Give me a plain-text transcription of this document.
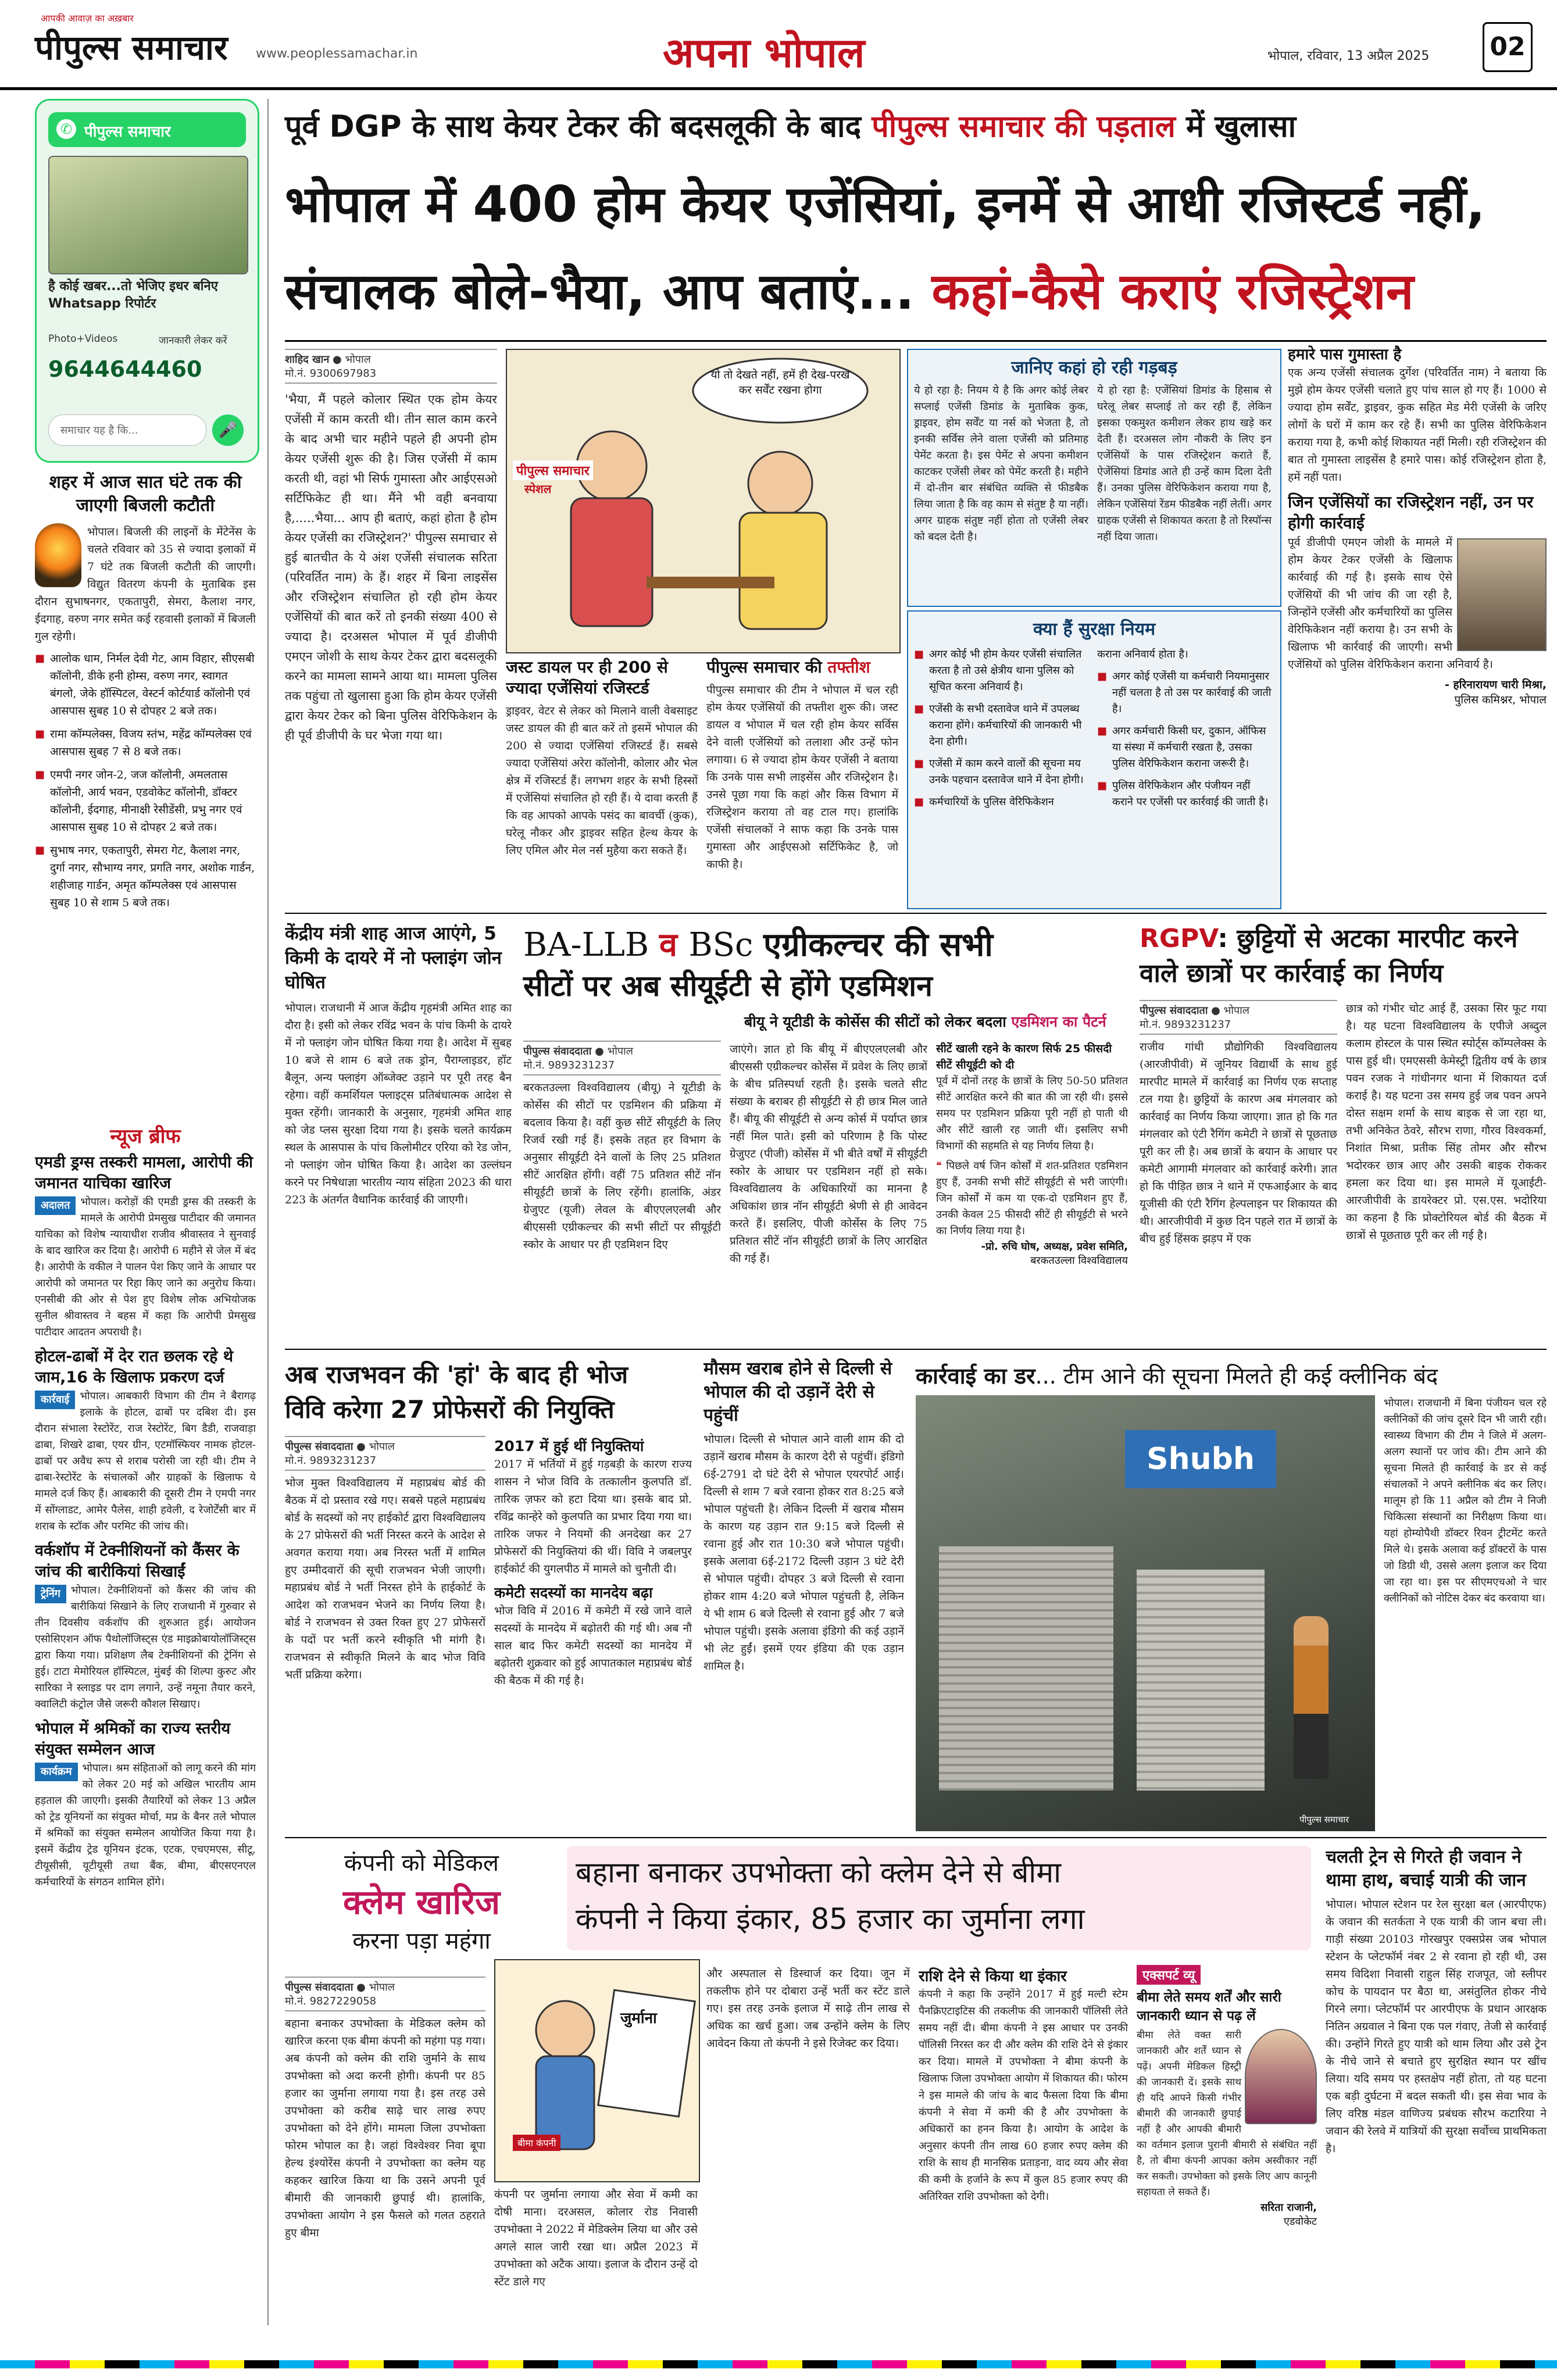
आपकी आवाज़ का अख़बार
पीपुल्स समाचार www.peoplessamachar.in	अपना भोपाल	भोपाल, रविवार, 13 अप्रैल 2025 02
✆ पीपुल्स समाचार
है कोई खबर...तो भेजिए इधर बनिए Whatsapp रिपोर्टर
Photo+Videos	जानकारी लेकर करें
9644644460
समाचार यह है कि...	🎤
पूर्व DGP के साथ केयर टेकर की बदसलूकी के बाद पीपुल्स समाचार की पड़ताल में खुलासा
भोपाल में 400 होम केयर एजेंसियां, इनमें से आधी रजिस्टर्ड नहीं,
संचालक बोले-भैया, आप बताएं... कहां-कैसे कराएं रजिस्ट्रेशन
शाहिद खान ● भोपाल
मो.नं. 9300697983
'भैया, मैं पहले कोलार स्थित एक होम केयर एजेंसी में काम करती थी। तीन साल काम करने के बाद अभी चार महीने पहले ही अपनी होम केयर एजेंसी शुरू की है। जिस एजेंसी में काम करती थी, वहां भी सिर्फ गुमास्ता और आईएसओ सर्टिफिकेट ही था। मैंने भी वही बनवाया है,.....भैया... आप ही बताएं, कहां होता है होम केयर एजेंसी का रजिस्ट्रेशन?' पीपुल्स समाचार से हुई बातचीत के ये अंश एजेंसी संचालक सरिता (परिवर्तित नाम) के हैं। शहर में बिना लाइसेंस और रजिस्ट्रेशन संचालित हो रही होम केयर एजेंसियों की बात करें तो इनकी संख्या 400 से ज्यादा है। दरअसल भोपाल में पूर्व डीजीपी एमएन जोशी के साथ केयर टेकर द्वारा बदसलूकी करने का मामला सामने आया था। मामला पुलिस तक पहुंचा तो खुलासा हुआ कि होम केयर एजेंसी द्वारा केयर टेकर को बिना पुलिस वेरिफिकेशन के ही पूर्व डीजीपी के घर भेजा गया था।
यो तो देखते नहीं, हमें ही देख-परख कर सर्वेंट रखना होगा
पीपुल्स समाचार
स्पेशल
जस्ट डायल पर ही 200 से ज्यादा एजेंसियां रजिस्टर्ड
ड्राइवर, वेटर से लेकर को मिलाने वाली वेबसाइट जस्ट डायल की ही बात करें तो इसमें भोपाल की 200 से ज्यादा एजेंसियां रजिस्टर्ड हैं। सबसे ज्यादा एजेंसियां अरेरा कॉलोनी, कोलार और भेल क्षेत्र में रजिस्टर्ड हैं। लगभग शहर के सभी हिस्सों में एजेंसियां संचालित हो रही हैं। ये दावा करती हैं कि वह आपको आपके पसंद का बावर्ची (कुक), घरेलू नौकर और ड्राइवर सहित हेल्थ केयर के लिए एमिल और मेल नर्स मुहैया करा सकते हैं।
पीपुल्स समाचार की तफ्तीश
पीपुल्स समाचार की टीम ने भोपाल में चल रही होम केयर एजेंसियों की तफ्तीश शुरू की। जस्ट डायल व भोपाल में चल रही होम केयर सर्विस देने वाली एजेंसियों को तलाशा और उन्हें फोन लगाया। 6 से ज्यादा होम केयर एजेंसी ने बताया कि उनके पास सभी लाइसेंस और रजिस्ट्रेशन है। उनसे पूछा गया कि कहां और किस विभाग में रजिस्ट्रेशन कराया तो वह टाल गए। हालांकि एजेंसी संचालकों ने साफ कहा कि उनके पास गुमास्ता और आईएसओ सर्टिफिकेट है, जो काफी है।
जानिए कहां हो रही गड़बड़
ये हो रहा है: नियम ये है कि अगर कोई लेबर सप्लाई एजेंसी डिमांड के मुताबिक कुक, ड्राइवर, होम सर्वेंट या नर्स को भेजता है, तो इनकी सर्विस लेने वाला एजेंसी को प्रतिमाह पेमेंट करता है। इस पेमेंट से अपना कमीशन काटकर एजेंसी लेबर को पेमेंट करती है। महीने में दो-तीन बार संबंधित व्यक्ति से फीडबैक लिया जाता है कि वह काम से संतुष्ट है या नहीं। अगर ग्राहक संतुष्ट नहीं होता तो एजेंसी लेबर को बदल देती है।
ये हो रहा है: एजेंसियां डिमांड के हिसाब से घरेलू लेबर सप्लाई तो कर रही हैं, लेकिन इसका एकमुश्त कमीशन लेकर हाथ खड़े कर देती हैं। दरअसल लोग नौकरी के लिए इन एजेंसियों के पास रजिस्ट्रेशन कराते हैं, ऐजेंसियां डिमांड आते ही उन्हें काम दिला देती हैं। उनका पुलिस वेरिफिकेशन कराया गया है, लेकिन एजेंसियां रेंडम फीडबैक नहीं लेतीं। अगर ग्राहक एजेंसी से शिकायत करता है तो रिस्पॉन्स नहीं दिया जाता।
क्या हैं सुरक्षा नियम
■ अगर कोई भी होम केयर एजेंसी संचालित करता है तो उसे क्षेत्रीय थाना पुलिस को सूचित करना अनिवार्य है।
■ एजेंसी के सभी दस्तावेज थाने में उपलब्ध कराना होंगे। कर्मचारियों की जानकारी भी देना होगी।
■ एजेंसी में काम करने वालों की सूचना मय उनके पहचान दस्तावेज थाने में देना होगी।
■ कर्मचारियों के पुलिस वेरिफिकेशन
कराना अनिवार्य होता है।
■ अगर कोई एजेंसी या कर्मचारी नियमानुसार नहीं चलता है तो उस पर कार्रवाई की जाती है।
■ अगर कर्मचारी किसी घर, दुकान, ऑफिस या संस्था में कर्मचारी रखता है, उसका पुलिस वेरिफिकेशन कराना जरूरी है।
■ पुलिस वेरिफिकेशन और पंजीयन नहीं कराने पर एजेंसी पर कार्रवाई की जाती है।
हमारे पास गुमास्ता है
एक अन्य एजेंसी संचालक दुर्गेश (परिवर्तित नाम) ने बताया कि मुझे होम केयर एजेंसी चलाते हुए पांच साल हो गए हैं। 1000 से ज्यादा होम सर्वेंट, ड्राइवर, कुक सहित मेड मेरी एजेंसी के जरिए लोगों के घरों में काम कर रहे हैं। सभी का पुलिस वेरिफिकेशन कराया गया है, कभी कोई शिकायत नहीं मिली। रही रजिस्ट्रेशन की बात तो गुमास्ता लाइसेंस है हमारे पास। कोई रजिस्ट्रेशन होता है, हमें नहीं पता।
जिन एजेंसियों का रजिस्ट्रेशन नहीं, उन पर होगी कार्रवाई
पूर्व डीजीपी एमएन जोशी के मामले में होम केयर टेकर एजेंसी के खिलाफ कार्रवाई की गई है। इसके साथ ऐसे एजेंसियों की भी जांच की जा रही है, जिन्होंने एजेंसी और कर्मचारियों का पुलिस वेरिफिकेशन नहीं कराया है। उन सभी के खिलाफ भी कार्रवाई की जाएगी। सभी एजेंसियों को पुलिस वेरिफिकेशन कराना अनिवार्य है।
- हरिनारायण चारी मिश्रा,
पुलिस कमिश्नर, भोपाल
शहर में आज सात घंटे तक की जाएगी बिजली कटौती
भोपाल। बिजली की लाइनों के मेंटेनेंस के चलते रविवार को 35 से ज्यादा इलाकों में 7 घंटे तक बिजली कटौती की जाएगी। विद्युत वितरण कंपनी के मुताबिक इस दौरान सुभाषनगर, एकतापुरी, सेमरा, कैलाश नगर, ईदगाह, वरुण नगर समेत कई रहवासी इलाकों में बिजली गुल रहेगी।
■ आलोक धाम, निर्मल देवी गेट, आम विहार, सीएसबी कॉलोनी, डीके हनी होम्स, वरुण नगर, स्वागत बंगलो, जेके हॉस्पिटल, वेस्टर्न कोर्टयार्ड कॉलोनी एवं आसपास सुबह 10 से दोपहर 2 बजे तक।
■ रामा कॉम्पलेक्स, विजय स्तंभ, महेंद्र कॉम्पलेक्स एवं आसपास सुबह 7 से 8 बजे तक।
■ एमपी नगर जोन-2, जज कॉलोनी, अमलतास कॉलोनी, आर्य भवन, एडवोकेट कॉलोनी, डॉक्टर कॉलोनी, ईदगाह, मीनाक्षी रेसीडेंसी, प्रभु नगर एवं आसपास सुबह 10 से दोपहर 2 बजे तक।
■ सुभाष नगर, एकतापुरी, सेमरा गेट, कैलाश नगर, दुर्गा नगर, सौभाग्य नगर, प्रगति नगर, अशोक गार्डन, शहीजाह गार्डन, अमृत कॉम्पलेक्स एवं आसपास सुबह 10 से शाम 5 बजे तक।
न्यूज ब्रीफ
एमडी ड्रग्स तस्करी मामला, आरोपी की जमानत याचिका खारिज
अदालत	भोपाल। करोड़ों की एमडी ड्रग्स की तस्करी के मामले के आरोपी प्रेमसुख पाटीदार की जमानत याचिका को विशेष न्यायाधीश राजीव श्रीवास्तव ने सुनवाई के बाद खारिज कर दिया है। आरोपी 6 महीने से जेल में बंद है। आरोपी के वकील ने पालन पेश किए जाने के आधार पर आरोपी को जमानत पर रिहा किए जाने का अनुरोध किया। एनसीबी की ओर से पेश हुए विशेष लोक अभियोजक सुनील श्रीवास्तव ने बहस में कहा कि आरोपी प्रेमसुख पाटीदार आदतन अपराधी है।
होटल-ढाबों में देर रात छलक रहे थे जाम,16 के खिलाफ प्रकरण दर्ज
कार्रवाई	भोपाल। आबकारी विभाग की टीम ने बैरागढ़ इलाके के होटल, ढाबों पर दबिश दी। इस दौरान संभाला रेस्टोरेंट, राज रेस्टोरेंट, बिग डैडी, राजवाड़ा ढाबा, शिखरे ढाबा, एयर ग्रीन, एटमॉस्फियर नामक होटल-ढाबों पर अवैध रूप से शराब परोसी जा रही थी। टीम ने ढाबा-रेस्टोरेंट के संचालकों और ग्राहकों के खिलाफ ये मामले दर्ज किए हैं। आबकारी की दूसरी टीम ने एमपी नगर में सोंग्लाडट, आमेर पैलेस, शाही हवेली, द रेजोर्टेंसी बार में शराब के स्टॉक और परमिट की जांच की।
वर्कशॉप में टेक्नीशियनों को कैंसर के जांच की बारीकियां सिखाईं
ट्रेनिंग	भोपाल। टेक्नीशियनों को कैंसर की जांच की बारीकियां सिखाने के लिए राजधानी में गुरुवार से तीन दिवसीय वर्कशॉप की शुरुआत हुई। आयोजन एसोसिएशन ऑफ पैथोलॉजिस्ट्स एंड माइक्रोबायोलॉजिस्ट्स द्वारा किया गया। प्रशिक्षण लैब टेक्नीशियनों की ट्रेनिंग से हुई। टाटा मेमोरियल हॉस्पिटल, मुंबई की शिल्पा कुरुट और सारिका ने स्लाइड पर दाग लगाने, उन्हें नमूना तैयार करने, क्वालिटी कंट्रोल जैसे जरूरी कौशल सिखाए।
भोपाल में श्रमिकों का राज्य स्तरीय संयुक्त सम्मेलन आज
कार्यक्रम	भोपाल। श्रम संहिताओं को लागू करने की मांग को लेकर 20 मई को अखिल भारतीय आम हड़ताल की जाएगी। इसकी तैयारियों को लेकर 13 अप्रैल को ट्रेड यूनियनों का संयुक्त मोर्चा, मप्र के बैनर तले भोपाल में श्रमिकों का संयुक्त सम्मेलन आयोजित किया गया है। इसमें केंद्रीय ट्रेड यूनियन इंटक, एटक, एचएमएस, सीटू, टीयूसीसी, यूटीयूसी तथा बैंक, बीमा, बीएसएनएल कर्मचारियों के संगठन शामिल होंगे।
केंद्रीय मंत्री शाह आज आएंगे, 5 किमी के दायरे में नो फ्लाइंग जोन घोषित
भोपाल। राजधानी में आज केंद्रीय गृहमंत्री अमित शाह का दौरा है। इसी को लेकर रविंद्र भवन के पांच किमी के दायरे में नो फ्लाइंग जोन घोषित किया गया है। आदेश में सुबह 10 बजे से शाम 6 बजे तक ड्रोन, पैराग्लाइडर, हॉट बैलून, अन्य फ्लाइंग ऑब्जेक्ट उड़ाने पर पूरी तरह बैन रहेगा। वहीं कमर्शियल फ्लाइट्स प्रतिबंधात्मक आदेश से मुक्त रहेंगी। जानकारी के अनुसार, गृहमंत्री अमित शाह को जेड प्लस सुरक्षा दिया गया है। इसके चलते कार्यक्रम स्थल के आसपास के पांच किलोमीटर एरिया को रेड जोन, नो फ्लाइंग जोन घोषित किया है। आदेश का उल्लंघन करने पर निषेधाज्ञा भारतीय न्याय संहिता 2023 की धारा 223 के अंतर्गत वैधानिक कार्रवाई की जाएगी।
BA-LLB व BSc एग्रीकल्चर की सभी
सीटों पर अब सीयूईटी से होंगे एडमिशन
बीयू ने यूटीडी के कोर्सेस की सीटों को लेकर बदला एडमिशन का पैटर्न
पीपुल्स संवाददाता ● भोपाल
मो.नं. 9893231237
बरकतउल्ला विश्वविद्यालय (बीयू) ने यूटीडी के कोर्सेस की सीटों पर एडमिशन की प्रक्रिया में बदलाव किया है। वहीं कुछ सीटें सीयूईटी के लिए रिजर्व रखी गई हैं। इसके तहत हर विभाग के अनुसार सीयूईटी देने वालों के लिए 25 प्रतिशत सीटें आरक्षित होंगी। वहीं 75 प्रतिशत सीटें नॉन सीयूईटी छात्रों के लिए रहेंगी। हालांकि, अंडर ग्रेजुएट (यूजी) लेवल के बीएएलएलबी और बीएससी एग्रीकल्चर की सभी सीटों पर सीयूईटी स्कोर के आधार पर ही एडमिशन दिए
जाएंगे। ज्ञात हो कि बीयू में बीएएलएलबी और बीएससी एग्रीकल्चर कोर्सेस में प्रवेश के लिए छात्रों के बीच प्रतिस्पर्धा रहती है। इसके चलते सीट संख्या के बराबर ही सीयूईटी से ही छात्र मिल जाते हैं। बीयू की सीयूईटी से अन्य कोर्स में पर्याप्त छात्र नहीं मिल पाते। इसी को परिणाम है कि पोस्ट ग्रेजुएट (पीजी) कोर्सेस में भी बीते वर्षों में सीयूईटी स्कोर के आधार पर एडमिशन नहीं हो सके। विश्वविद्यालय के अधिकारियों का मानना है अधिकांश छात्र नॉन सीयूईटी श्रेणी से ही आवेदन करते हैं। इसलिए, पीजी कोर्सेस के लिए 75 प्रतिशत सीटें नॉन सीयूईटी छात्रों के लिए आरक्षित की गई हैं।
सीटें खाली रहने के कारण सिर्फ 25 फीसदी सीटें सीयूईटी को दी
पूर्व में दोनों तरह के छात्रों के लिए 50-50 प्रतिशत सीटें आरक्षित करने की बात की जा रही थी। इससे समय पर एडमिशन प्रक्रिया पूरी नहीं हो पाती थी और सीटें खाली रह जाती थीं। इसलिए सभी विभागों की सहमति से यह निर्णय लिया है।
❝ पिछले वर्ष जिन कोर्सों में शत-प्रतिशत एडमिशन हुए हैं, उनकी सभी सीटें सीयूईटी से भरी जाएंगी। जिन कोर्सों में कम या एक-दो एडमिशन हुए हैं, उनकी केवल 25 फीसदी सीटें ही सीयूईटी से भरने का निर्णय लिया गया है।
-प्रो. रुचि घोष, अध्यक्ष, प्रवेश समिति,
बरकतउल्ला विश्वविद्यालय
RGPV: छुट्टियों से अटका मारपीट करने वाले छात्रों पर कार्रवाई का निर्णय
पीपुल्स संवाददाता ● भोपाल
मो.नं. 9893231237
राजीव गांधी प्रौद्योगिकी विश्वविद्यालय (आरजीपीवी) में जूनियर विद्यार्थी के साथ हुई मारपीट मामले में कार्रवाई का निर्णय एक सप्ताह टल गया है। छुट्टियों के कारण अब मंगलवार को कार्रवाई का निर्णय किया जाएगा। ज्ञात हो कि गत मंगलवार को एंटी रैगिंग कमेटी ने छात्रों से पूछताछ पूरी कर ली है। अब छात्रों के बयान के आधार पर कमेटी आगामी मंगलवार को कार्रवाई करेगी। ज्ञात हो कि पीड़ित छात्र ने थाने में एफआईआर के बाद यूजीसी की एंटी रैगिंग हेल्पलाइन पर शिकायत की थी। आरजीपीवी में कुछ दिन पहले रात में छात्रों के बीच हुई हिंसक झड़प में एक
छात्र को गंभीर चोट आई हैं, उसका सिर फूट गया है। यह घटना विश्वविद्यालय के एपीजे अब्दुल कलाम होस्टल के पास स्थित स्पोर्ट्स कॉम्पलेक्स के पास हुई थी। एमएससी केमेस्ट्री द्वितीय वर्ष के छात्र पवन रजक ने गांधीनगर थाना में शिकायत दर्ज कराई है। यह घटना उस समय हुई जब पवन अपने दोस्त सक्षम शर्मा के साथ बाइक से जा रहा था, तभी अनिकेत ठेवरे, सौरभ राणा, गौरव विश्वकर्मा, निशांत मिश्रा, प्रतीक सिंह तोमर और सौरभ भदोरकर छात्र आए और उसकी बाइक रोककर हमला कर दिया था। इस मामले में यूआईटी-आरजीपीवी के डायरेक्टर प्रो. एस.एस. भदोरिया का कहना है कि प्रोक्टोरियल बोर्ड की बैठक में छात्रों से पूछताछ पूरी कर ली गई है।
अब राजभवन की 'हां' के बाद ही भोज
विवि करेगा 27 प्रोफेसरों की नियुक्ति
पीपुल्स संवाददाता ● भोपाल
मो.नं. 9893231237
भोज मुक्त विश्वविद्यालय में महाप्रबंध बोर्ड की बैठक में दो प्रस्ताव रखे गए। सबसे पहले महाप्रबंध बोर्ड के सदस्यों को नए हाईकोर्ट द्वारा विश्वविद्यालय के 27 प्रोफेसरों की भर्ती निरस्त करने के आदेश से अवगत कराया गया। अब निरस्त भर्ती में शामिल हुए उम्मीदवारों की सूची राजभवन भेजी जाएगी। महाप्रबंध बोर्ड ने भर्ती निरस्त होने के हाईकोर्ट के आदेश को राजभवन भेजने का निर्णय लिया है। बोर्ड ने राजभवन से उक्त रिक्त हुए 27 प्रोफेसरों के पदों पर भर्ती करने स्वीकृति भी मांगी है। राजभवन से स्वीकृति मिलने के बाद भोज विवि भर्ती प्रक्रिया करेगा।
2017 में हुई थीं नियुक्तियां
2017 में भर्तियों में हुई गड़बड़ी के कारण राज्य शासन ने भोज विवि के तत्कालीन कुलपति डॉ. तारिक ज़फर को हटा दिया था। इसके बाद प्रो. रविंद्र कान्हेरे को कुलपति का प्रभार दिया गया था। तारिक जफर ने नियमों की अनदेखा कर 27 प्रोफेसरों की नियुक्तियां की थीं। विवि ने जबलपुर हाईकोर्ट की युगलपीठ में मामले को चुनौती दी।
कमेटी सदस्यों का मानदेय बढ़ा
भोज विवि में 2016 में कमेटी में रखे जाने वाले सदस्यों के मानदेय में बढ़ोतरी की गई थी। अब नौ साल बाद फिर कमेटी सदस्यों का मानदेय में बढ़ोतरी शुक्रवार को हुई आपातकाल महाप्रबंध बोर्ड की बैठक में की गई है।
मौसम खराब होने से दिल्ली से भोपाल की दो उड़ानें देरी से पहुंचीं
भोपाल। दिल्ली से भोपाल आने वाली शाम की दो उड़ानें खराब मौसम के कारण देरी से पहुंचीं। इंडिगो 6ई-2791 दो घंटे देरी से भोपाल एयरपोर्ट आई। दिल्ली से शाम 7 बजे रवाना होकर रात 8:25 बजे भोपाल पहुंचती है। लेकिन दिल्ली में खराब मौसम के कारण यह उड़ान रात 9:15 बजे दिल्ली से रवाना हुई और रात 10:30 बजे भोपाल पहुंची। इसके अलावा 6ई-2172 दिल्ली उड़ान 3 घंटे देरी से भोपाल पहुंची। दोपहर 3 बजे दिल्ली से रवाना होकर शाम 4:20 बजे भोपाल पहुंचती है, लेकिन ये भी शाम 6 बजे दिल्ली से रवाना हुई और 7 बजे भोपाल पहुंची। इसके अलावा इंडिगो की कई उड़ानें भी लेट हुईं। इसमें एयर इंडिया की एक उड़ान शामिल है।
कार्रवाई का डर... टीम आने की सूचना मिलते ही कई क्लीनिक बंद
Shubh
पीपुल्स समाचार
भोपाल। राजधानी में बिना पंजीयन चल रहे क्लीनिकों की जांच दूसरे दिन भी जारी रही। स्वास्थ्य विभाग की टीम ने जिले में अलग-अलग स्थानों पर जांच की। टीम आने की सूचना मिलते ही कार्रवाई के डर से कई संचालकों ने अपने क्लीनिक बंद कर लिए। मालूम हो कि 11 अप्रैल को टीम ने निजी चिकित्सा संस्थानों का निरीक्षण किया था। यहां होम्योपैथी डॉक्टर रिवन ट्रीटमेंट करते मिले थे। इसके अलावा कई डॉक्टरों के पास जो डिग्री थी, उससे अलग इलाज कर दिया जा रहा था। इस पर सीएमएचओ ने चार क्लीनिकों को नोटिस देकर बंद करवाया था।
कंपनी को मेडिकल
क्लेम खारिज
करना पड़ा महंगा
बहाना बनाकर उपभोक्ता को क्लेम देने से बीमा
कंपनी ने किया इंकार, 85 हजार का जुर्माना लगा
पीपुल्स संवाददाता ● भोपाल
मो.नं. 9827229058
बहाना बनाकर उपभोक्ता के मेडिकल क्लेम को खारिज करना एक बीमा कंपनी को महंगा पड़ गया। अब कंपनी को क्लेम की राशि जुर्माने के साथ उपभोक्ता को अदा करनी होगी। कंपनी पर 85 हजार का जुर्माना लगाया गया है। इस तरह उसे उपभोक्ता को करीब साढ़े चार लाख रुपए उपभोक्ता को देने होंगे। मामला जिला उपभोक्ता फोरम भोपाल का है। जहां विश्वेश्वर निवा बूपा हेल्थ इंश्योरेंस कंपनी ने उपभोक्ता का क्लेम यह कहकर खारिज किया था कि उसने अपनी पूर्व बीमारी की जानकारी छुपाई थी। हालांकि, उपभोक्ता आयोग ने इस फैसले को गलत ठहराते हुए बीमा
जुर्माना
बीमा कंपनी
कंपनी पर जुर्माना लगाया और सेवा में कमी का दोषी माना। दरअसल, कोलार रोड निवासी उपभोक्ता ने 2022 में मेडिक्लेम लिया था और उसे अगले साल जारी रखा था। अप्रैल 2023 में उपभोक्ता को अटैक आया। इलाज के दौरान उन्हें दो स्टेंट डाले गए
और अस्पताल से डिस्चार्ज कर दिया। जून में तकलीफ होने पर दोबारा उन्हें भर्ती कर स्टेंट डाले गए। इस तरह उनके इलाज में साढ़े तीन लाख से अधिक का खर्च हुआ। जब उन्होंने क्लेम के लिए आवेदन किया तो कंपनी ने इसे रिजेक्ट कर दिया।
राशि देने से किया था इंकार
कंपनी ने कहा कि उन्होंने 2017 में हुई मल्टी स्टेम पैनक्रिएटाइटिस की तकलीफ की जानकारी पॉलिसी लेते समय नहीं दी। बीमा कंपनी ने इस आधार पर उनकी पॉलिसी निरस्त कर दी और क्लेम की राशि देने से इंकार कर दिया। मामले में उपभोक्ता ने बीमा कंपनी के खिलाफ जिला उपभोक्ता आयोग में शिकायत की। फोरम ने इस मामले की जांच के बाद फैसला दिया कि बीमा कंपनी ने सेवा में कमी की है और उपभोक्ता के अधिकारों का हनन किया है। आयोग के आदेश के अनुसार कंपनी तीन लाख 60 हजार रुपए क्लेम की राशि के साथ ही मानसिक प्रताड़ना, वाद व्यय और सेवा की कमी के हर्जाने के रूप में कुल 85 हजार रुपए की अतिरिक्त राशि उपभोक्ता को देगी।
एक्सपर्ट व्यू
बीमा लेते समय शर्तें और सारी जानकारी ध्यान से पढ़ लें
बीमा लेते वक्त सारी जानकारी और शर्तें ध्यान से पढ़ें। अपनी मेडिकल हिस्ट्री की जानकारी दें। इसके साथ ही यदि आपने किसी गंभीर बीमारी की जानकारी छुपाई नहीं है और आपकी बीमारी का वर्तमान इलाज पुरानी बीमारी से संबंधित नहीं है, तो बीमा कंपनी आपका क्लेम अस्वीकार नहीं कर सकती। उपभोक्ता को इसके लिए आप कानूनी सहायता ले सकते हैं।
सरिता राजानी,
एडवोकेट
चलती ट्रेन से गिरते ही जवान ने थामा हाथ, बचाई यात्री की जान
भोपाल। भोपाल स्टेशन पर रेल सुरक्षा बल (आरपीएफ) के जवान की सतर्कता ने एक यात्री की जान बचा ली। गाड़ी संख्या 20103 गोरखपुर एक्सप्रेस जब भोपाल स्टेशन के प्लेटफॉर्म नंबर 2 से रवाना हो रही थी, उस समय विदिशा निवासी राहुल सिंह राजपूत, जो स्लीपर कोच के पायदान पर बैठा था, असंतुलित होकर नीचे गिरने लगा। प्लेटफॉर्म पर आरपीएफ के प्रधान आरक्षक नितिन अग्रवाल ने बिना एक पल गंवाए, तेजी से कार्रवाई की। उन्होंने गिरते हुए यात्री को थाम लिया और उसे ट्रेन के नीचे जाने से बचाते हुए सुरक्षित स्थान पर खींच लिया। यदि समय पर हस्तक्षेप नहीं होता, तो यह घटना एक बड़ी दुर्घटना में बदल सकती थी। इस सेवा भाव के लिए वरिष्ठ मंडल वाणिज्य प्रबंधक सौरभ कटारिया ने जवान की रेलवे में यात्रियों की सुरक्षा सर्वोच्च प्राथमिकता है।
